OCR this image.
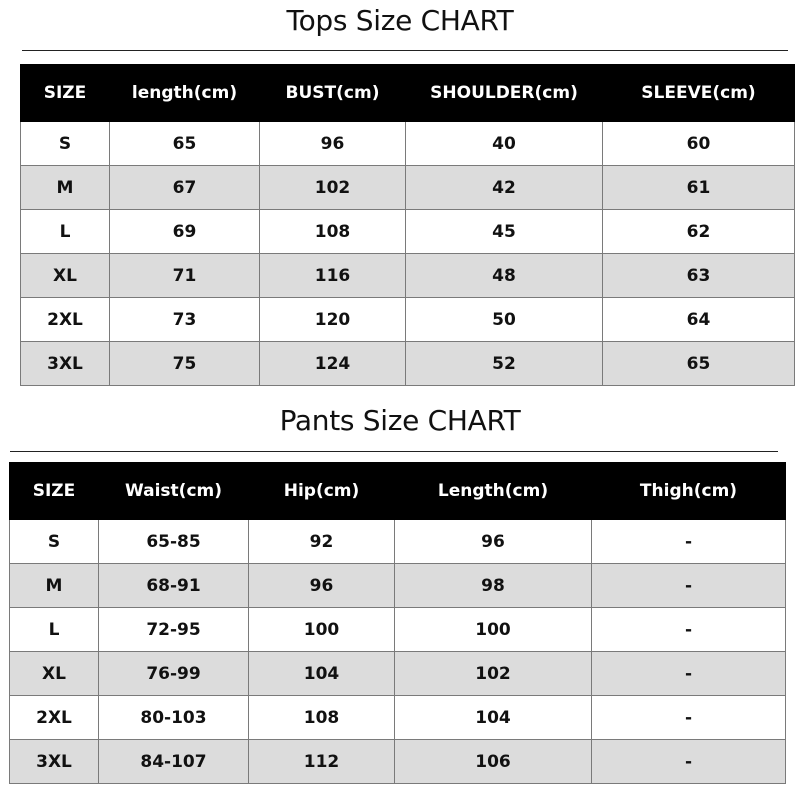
Tops Size CHART
SIZE	length(cm)	BUST(cm)	SHOULDER(cm)	SLEEVE(cm)
S	65	96	40	60
M	67	102	42	61
L	69	108	45	62
XL	71	116	48	63
2XL	73	120	50	64
3XL	75	124	52	65
Pants Size CHART
SIZE	Waist(cm)	Hip(cm)	Length(cm)	Thigh(cm)
S	65-85	92	96	-
M	68-91	96	98	-
L	72-95	100	100	-
XL	76-99	104	102	-
2XL	80-103	108	104	-
3XL	84-107	112	106	-
